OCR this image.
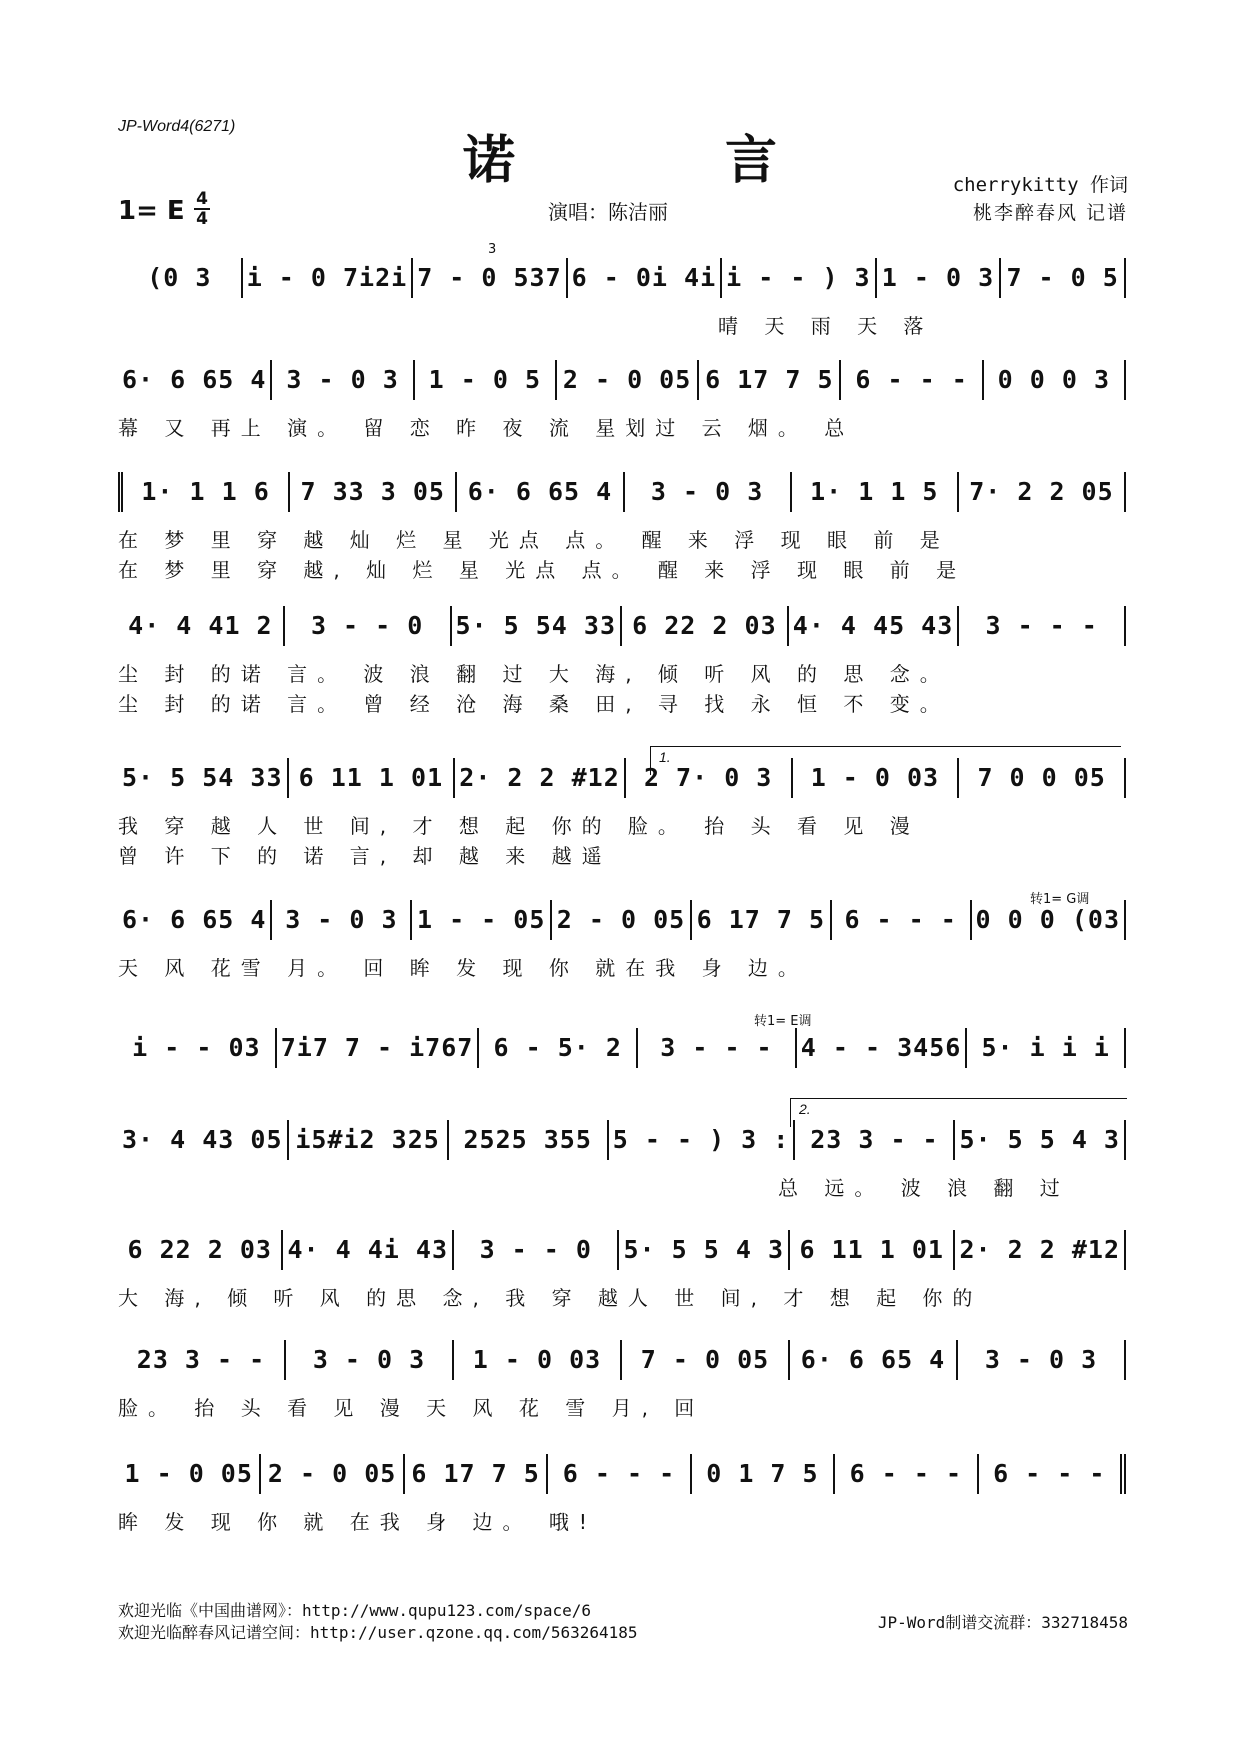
JP-Word4(6271)
诺 言
1= E 4
4	演唱：陈洁丽
cherrykitty 作词
桃李醉春风 记谱
3
1.
转1= G调
转1= E调
2.
(0 3	i - 0 7i2i 7 - 0 537 6 - 0i 4i i - - ) 3 1 - 0 3 7 - 0 5
　　　　　　　　　　　　　　　　　　　　晴 天 雨 天 落
6· 6 65 4 3 - 0 3	1 - 0 5 2 - 0 05 6 17 7 5 6 - - -	0 0 0 3
幕 又 再上 演。 留 恋 昨 夜 流 星划过 云 烟。 总
1· 1 1 6	7 33 3 05 6· 6 65 4	3 - 0 3	1· 1 1 5	7· 2 2 05
在 梦 里 穿 越 灿 烂 星 光点 点。 醒 来 浮 现 眼 前 是
在 梦 里 穿 越, 灿 烂 星 光点 点。 醒 来 浮 现 眼 前 是
4· 4 41 2	3 - - 0	5· 5 54 33 6 22 2 03 4· 4 45 43	3 - - -
尘 封 的诺 言。 波 浪 翻 过 大 海, 倾 听 风 的 思 念。
尘 封 的诺 言。 曾 经 沧 海 桑 田, 寻 找 永 恒 不 变。
5· 5 54 33 6 11 1 01 2· 2 2 #12 2 7· 0 3	1 - 0 03	7 0 0 05
我 穿 越 人 世 间, 才 想 起 你的 脸。 抬 头 看 见 漫
曾 许 下 的 诺 言, 却 越 来 越遥
6· 6 65 4 3 - 0 3 1 - - 05 2 - 0 05 6 17 7 5 6 - - - 0 0 0 (03
天 风 花雪 月。 回 眸 发 现 你 就在我 身 边。
i - - 03 7i7 7 - i767 6 - 5· 2	3 - - -	4 - - 3456 5· i i i
3· 4 43 05 i5#i2 325 2525 355 5 - - ) 3 : 23 3 - - 5· 5 5 4 3
　　　　　　　　　　　　　　　　　　　　　　总 远。 波 浪 翻 过
6 22 2 03 4· 4 4i 43	3 - - 0	5· 5 5 4 3 6 11 1 01 2· 2 2 #12
大 海, 倾 听 风 的思 念, 我 穿 越人 世 间, 才 想 起 你的
23 3 - -	3 - 0 3	1 - 0 03	7 - 0 05	6· 6 65 4	3 - 0 3
脸。 抬 头 看 见 漫 天 风 花 雪 月, 回
1 - 0 05 2 - 0 05 6 17 7 5 6 - - -	0 1 7 5	6 - - -	6 - - -
眸 发 现 你 就 在我 身 边。 哦!
欢迎光临《中国曲谱网》：http://www.qupu123.com/space/6
欢迎光临醉春风记谱空间：http://user.qzone.qq.com/563264185
JP-Word制谱交流群：332718458
